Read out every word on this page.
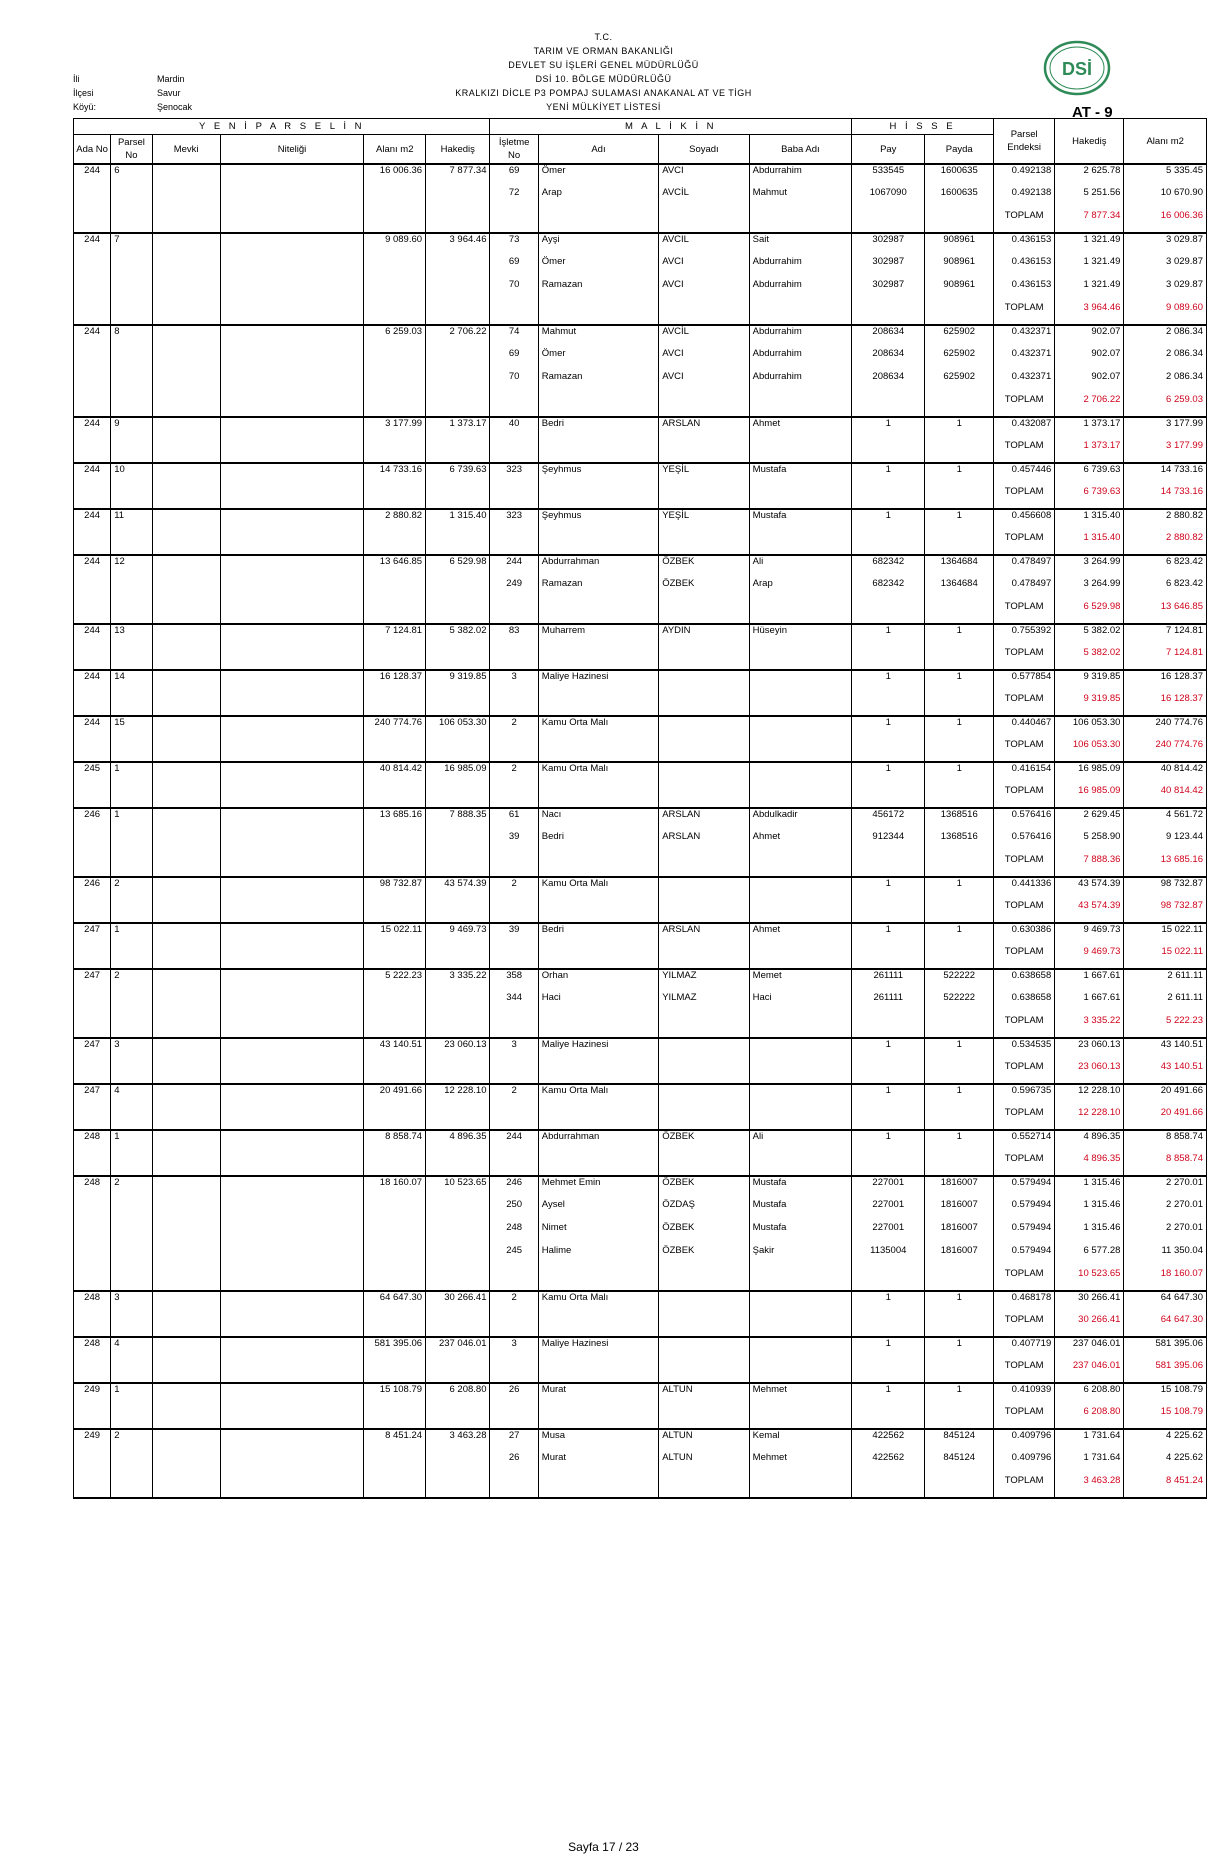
T.C.
TARIM VE ORMAN BAKANLIĞI
DEVLET SU İŞLERİ GENEL MÜDÜRLÜĞÜ
DSİ 10. BÖLGE MÜDÜRLÜĞÜ
KRALKIZI DİCLE P3 POMPAJ SULAMASI ANAKANAL AT VE TİGH
YENİ MÜLKİYET LİSTESİ
İli	Mardin
İlçesi	Savur
Köyü:	Şenocak
DSİ
AT - 9
Y E N İ P A R S E L İ N						M A L İ K İ N				H İ S S E		Parsel Endeksi	Hakediş	Alanı m2
Ada No	Parsel No	Mevki	Niteliği	Alanı m2	Hakediş	İşletme No	Adı	Soyadı	Baba Adı	Pay	Payda			
244	6			16 006.36	7 877.34	69	Ömer	AVCI	Abdurrahim	533545	1600635	0.492138	2 625.78	5 335.45
						72	Arap	AVCİL	Mahmut	1067090	1600635	0.492138	5 251.56	10 670.90
												TOPLAM	7 877.34	16 006.36
244	7			9 089.60	3 964.46	73	Ayşi	AVCIL	Sait	302987	908961	0.436153	1 321.49	3 029.87
						69	Ömer	AVCI	Abdurrahim	302987	908961	0.436153	1 321.49	3 029.87
						70	Ramazan	AVCI	Abdurrahim	302987	908961	0.436153	1 321.49	3 029.87
												TOPLAM	3 964.46	9 089.60
244	8			6 259.03	2 706.22	74	Mahmut	AVCİL	Abdurrahim	208634	625902	0.432371	902.07	2 086.34
						69	Ömer	AVCI	Abdurrahim	208634	625902	0.432371	902.07	2 086.34
						70	Ramazan	AVCI	Abdurrahim	208634	625902	0.432371	902.07	2 086.34
												TOPLAM	2 706.22	6 259.03
244	9			3 177.99	1 373.17	40	Bedri	ARSLAN	Ahmet	1	1	0.432087	1 373.17	3 177.99
												TOPLAM	1 373.17	3 177.99
244	10			14 733.16	6 739.63	323	Şeyhmus	YEŞİL	Mustafa	1	1	0.457446	6 739.63	14 733.16
												TOPLAM	6 739.63	14 733.16
244	11			2 880.82	1 315.40	323	Şeyhmus	YEŞİL	Mustafa	1	1	0.456608	1 315.40	2 880.82
												TOPLAM	1 315.40	2 880.82
244	12			13 646.85	6 529.98	244	Abdurrahman	ÖZBEK	Ali	682342	1364684	0.478497	3 264.99	6 823.42
						249	Ramazan	ÖZBEK	Arap	682342	1364684	0.478497	3 264.99	6 823.42
												TOPLAM	6 529.98	13 646.85
244	13			7 124.81	5 382.02	83	Muharrem	AYDIN	Hüseyin	1	1	0.755392	5 382.02	7 124.81
												TOPLAM	5 382.02	7 124.81
244	14			16 128.37	9 319.85	3	Maliye Hazinesi			1	1	0.577854	9 319.85	16 128.37
												TOPLAM	9 319.85	16 128.37
244	15			240 774.76	106 053.30	2	Kamu Orta Malı			1	1	0.440467	106 053.30	240 774.76
												TOPLAM	106 053.30	240 774.76
245	1			40 814.42	16 985.09	2	Kamu Orta Malı			1	1	0.416154	16 985.09	40 814.42
												TOPLAM	16 985.09	40 814.42
246	1			13 685.16	7 888.35	61	Nacı	ARSLAN	Abdulkadir	456172	1368516	0.576416	2 629.45	4 561.72
						39	Bedri	ARSLAN	Ahmet	912344	1368516	0.576416	5 258.90	9 123.44
												TOPLAM	7 888.36	13 685.16
246	2			98 732.87	43 574.39	2	Kamu Orta Malı			1	1	0.441336	43 574.39	98 732.87
												TOPLAM	43 574.39	98 732.87
247	1			15 022.11	9 469.73	39	Bedri	ARSLAN	Ahmet	1	1	0.630386	9 469.73	15 022.11
												TOPLAM	9 469.73	15 022.11
247	2			5 222.23	3 335.22	358	Orhan	YILMAZ	Memet	261111	522222	0.638658	1 667.61	2 611.11
						344	Haci	YILMAZ	Haci	261111	522222	0.638658	1 667.61	2 611.11
												TOPLAM	3 335.22	5 222.23
247	3			43 140.51	23 060.13	3	Maliye Hazinesi			1	1	0.534535	23 060.13	43 140.51
												TOPLAM	23 060.13	43 140.51
247	4			20 491.66	12 228.10	2	Kamu Orta Malı			1	1	0.596735	12 228.10	20 491.66
												TOPLAM	12 228.10	20 491.66
248	1			8 858.74	4 896.35	244	Abdurrahman	ÖZBEK	Ali	1	1	0.552714	4 896.35	8 858.74
												TOPLAM	4 896.35	8 858.74
248	2			18 160.07	10 523.65	246	Mehmet Emin	ÖZBEK	Mustafa	227001	1816007	0.579494	1 315.46	2 270.01
						250	Aysel	ÖZDAŞ	Mustafa	227001	1816007	0.579494	1 315.46	2 270.01
						248	Nimet	ÖZBEK	Mustafa	227001	1816007	0.579494	1 315.46	2 270.01
						245	Halime	ÖZBEK	Şakir	1135004	1816007	0.579494	6 577.28	11 350.04
												TOPLAM	10 523.65	18 160.07
248	3			64 647.30	30 266.41	2	Kamu Orta Malı			1	1	0.468178	30 266.41	64 647.30
												TOPLAM	30 266.41	64 647.30
248	4			581 395.06	237 046.01	3	Maliye Hazinesi			1	1	0.407719	237 046.01	581 395.06
												TOPLAM	237 046.01	581 395.06
249	1			15 108.79	6 208.80	26	Murat	ALTUN	Mehmet	1	1	0.410939	6 208.80	15 108.79
												TOPLAM	6 208.80	15 108.79
249	2			8 451.24	3 463.28	27	Musa	ALTUN	Kemal	422562	845124	0.409796	1 731.64	4 225.62
						26	Murat	ALTUN	Mehmet	422562	845124	0.409796	1 731.64	4 225.62
												TOPLAM	3 463.28	8 451.24
Sayfa 17 / 23
